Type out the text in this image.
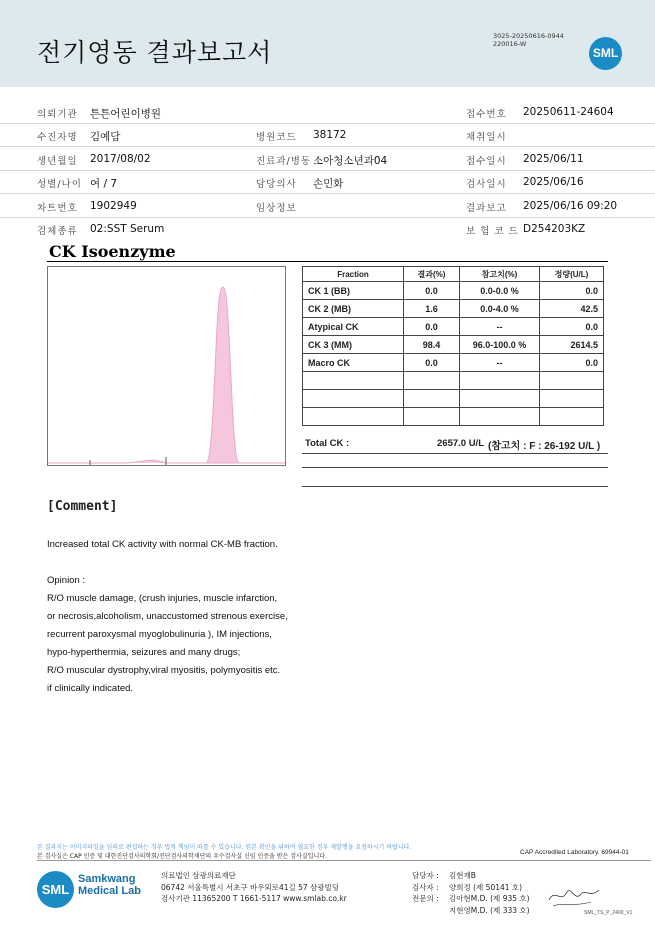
전기영동 결과보고서
3025-20250616-0944
220016-W
SML
의뢰기관 튼튼어린이병원	접수번호 20250611-24604
수진자명 김예담	병원코드 38172	채취일시
생년월일 2017/08/02	진료과/병동 소아청소년과04	접수일시 2025/06/11
성별/나이 여 / 7	담당의사 손민화	검사일시 2025/06/16
차트번호 1902949	임상정보	결과보고 2025/06/16 09:20
검체종류 02:SST Serum	보 험 코 드 D254203KZ
CK Isoenzyme
Fraction	결과(%)	참고치(%)	정량(U/L)
CK 1 (BB)	0.0	0.0-0.0 %	0.0
CK 2 (MB)	1.6	0.0-4.0 %	42.5
Atypical CK	0.0	--	0.0
CK 3 (MM)	98.4	96.0-100.0 %	2614.5
Macro CK	0.0	--	0.0

Total CK :	2657.0 U/L (참고치 : F : 26-192 U/L )
[Comment]
Increased total CK activity with normal CK-MB fraction.
Opinion :
R/O muscle damage, (crush injuries, muscle infarction,
or necrosis,alcoholism, unaccustomed strenous exercise,
recurrent paroxysmal myoglobulinuria ), IM injections,
hypo-hyperthermia, seizures and many drugs;
R/O muscular dystrophy,viral myositis, polymyositis etc.
if clinically indicated.
본 결과지는 이미지파일을 임의로 편집하는 경우 법적 책임이 따를 수 있습니다. 원본 확인을 위하여 필요한 경우 재발행을 요청하시기 바랍니다.
본 검사실은 CAP 인증 및 대한진단검사의학회/진단검사의학재단의 우수검사실 신임 인증을 받은 검사실입니다.
CAP Accredited Laboratory. 69944-01
SML
Samkwang
Medical Lab
의료법인 삼광의료재단
06742 서울특별시 서초구 바우뫼로41길 57 삼광빌딩
검사기관 11365200 T 1661-5117 www.smlab.co.kr
담당자 : 김현재B
검사자 : 양희정 (제 50141 호)
전문의 : 김아현M.D. (제 935 호)
지현영M.D. (제 333 호)	SML_TS_P_2400_V1
